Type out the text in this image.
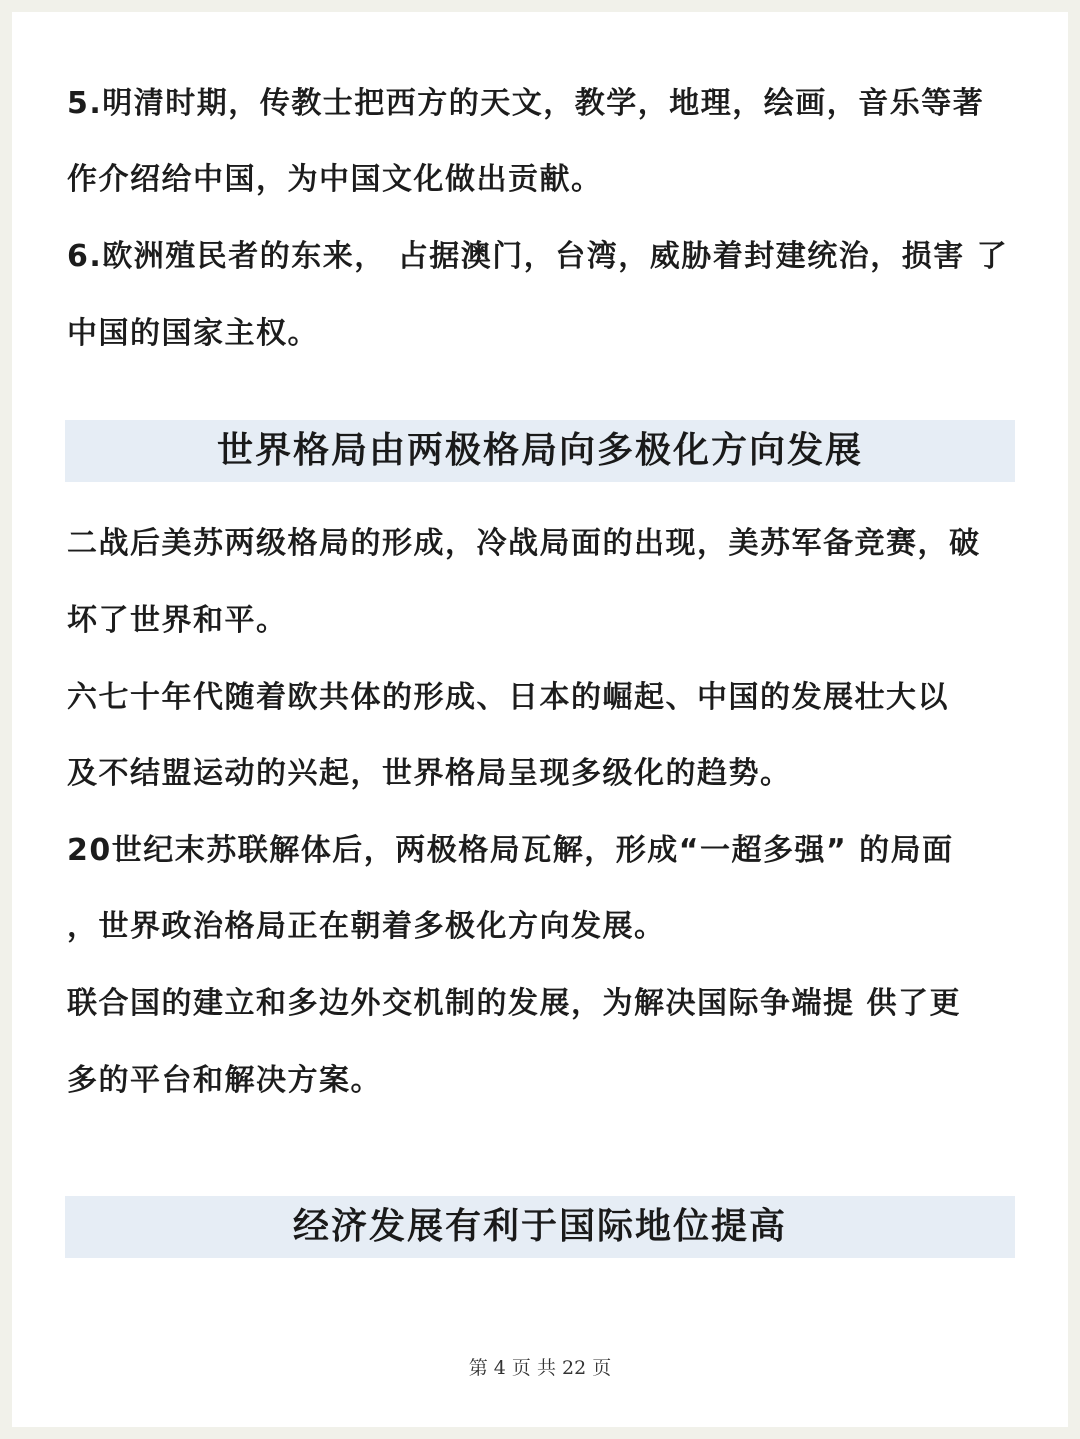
5.明清时期，传教士把西方的天文，教学，地理，绘画，音乐等著
作介绍给中国，为中国文化做出贡献。
6.欧洲殖民者的东来， 占据澳门，台湾，威胁着封建统治，损害 了
中国的国家主权。
世界格局由两极格局向多极化方向发展
二战后美苏两级格局的形成，冷战局面的出现，美苏军备竞赛，破
坏了世界和平。
六七十年代随着欧共体的形成、日本的崛起、中国的发展壮大以
及不结盟运动的兴起，世界格局呈现多级化的趋势。
20世纪末苏联解体后，两极格局瓦解，形成“一超多强” 的局面
，世界政治格局正在朝着多极化方向发展。
联合国的建立和多边外交机制的发展，为解决国际争端提 供了更
多的平台和解决方案。
经济发展有利于国际地位提高
第 4 页 共 22 页
